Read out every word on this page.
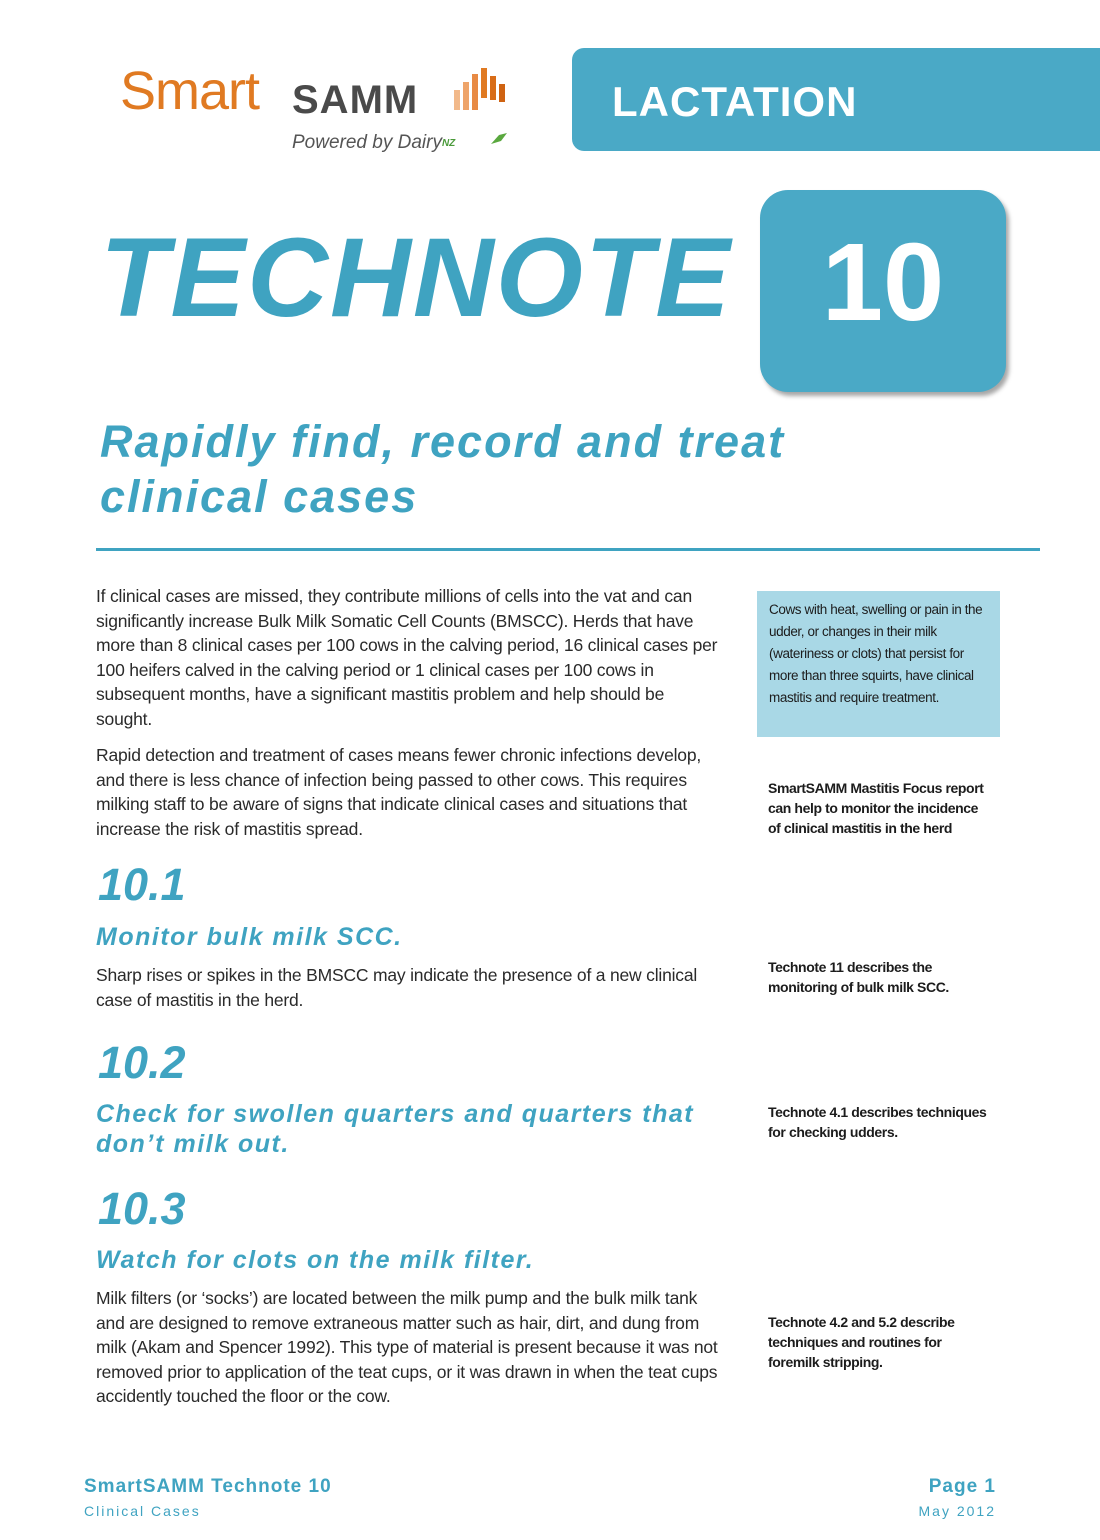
Smart SAMM
Powered by DairyNZ
LACTATION
TECHNOTE 10
Rapidly find, record and treat
clinical cases
If clinical cases are missed, they contribute millions of cells into the vat and can significantly increase Bulk Milk Somatic Cell Counts (BMSCC). Herds that have more than 8 clinical cases per 100 cows in the calving period, 16 clinical cases per 100 heifers calved in the calving period or 1 clinical cases per 100 cows in subsequent months, have a significant mastitis problem and help should be sought.
Rapid detection and treatment of cases means fewer chronic infections develop, and there is less chance of infection being passed to other cows. This requires milking staff to be aware of signs that indicate clinical cases and situations that increase the risk of mastitis spread.
10.1
Monitor bulk milk SCC.
Sharp rises or spikes in the BMSCC may indicate the presence of a new clinical case of mastitis in the herd.
10.2
Check for swollen quarters and quarters that don’t milk out.
10.3
Watch for clots on the milk filter.
Milk filters (or ‘socks’) are located between the milk pump and the bulk milk tank and are designed to remove extraneous matter such as hair, dirt, and dung from milk (Akam and Spencer 1992). This type of material is present because it was not removed prior to application of the teat cups, or it was drawn in when the teat cups accidently touched the floor or the cow.
Cows with heat, swelling or pain in the udder, or changes in their milk (wateriness or clots) that persist for more than three squirts, have clinical mastitis and require treatment.
SmartSAMM Mastitis Focus report can help to monitor the incidence of clinical mastitis in the herd
Technote 11 describes the monitoring of bulk milk SCC.
Technote 4.1 describes techniques for checking udders.
Technote 4.2 and 5.2 describe techniques and routines for foremilk stripping.
SmartSAMM Technote 10
Clinical Cases
Page 1
May 2012
